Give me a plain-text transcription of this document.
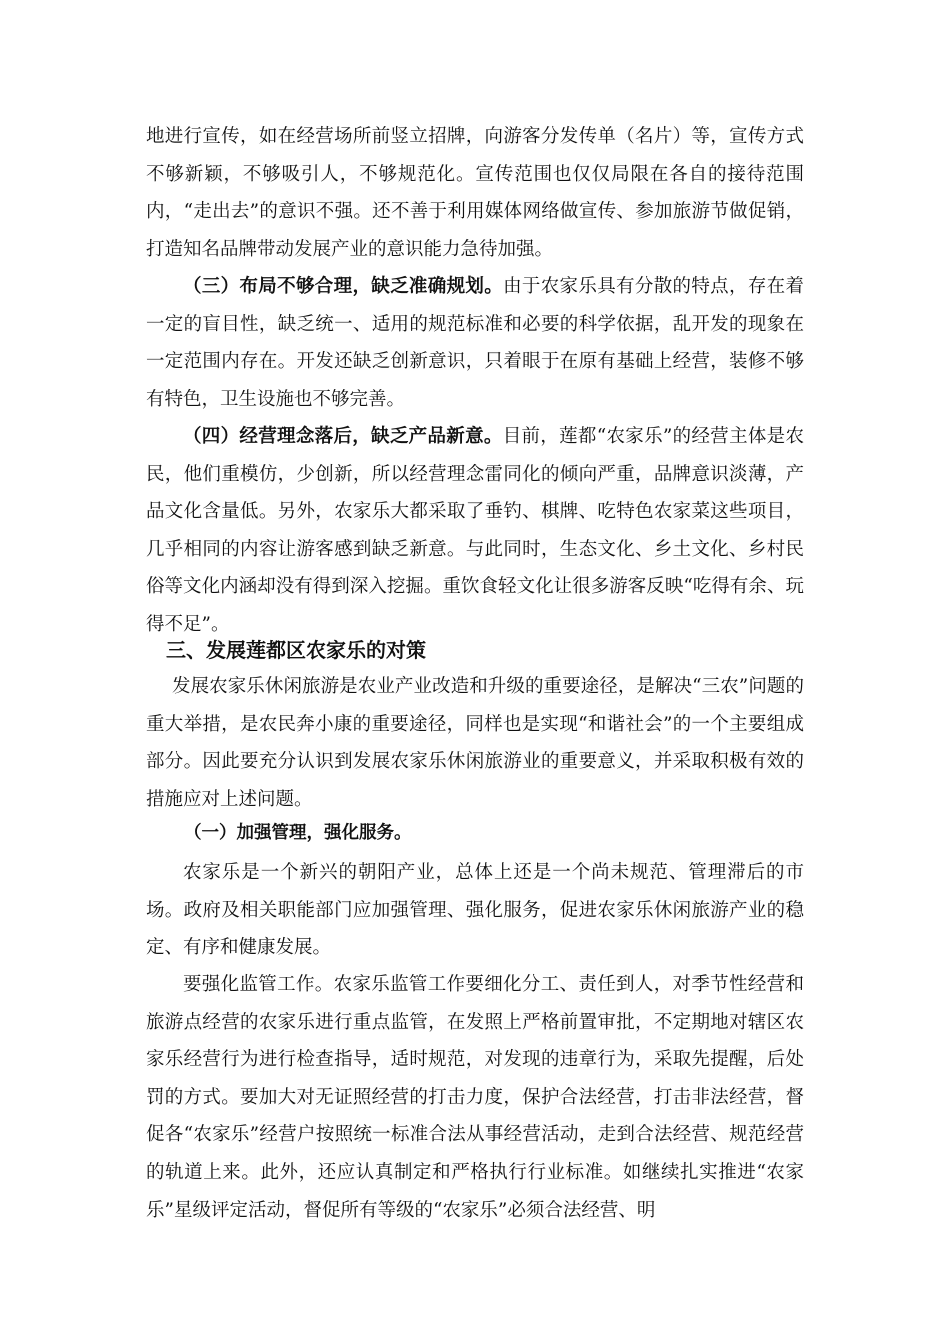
地进行宣传，如在经营场所前竖立招牌，向游客分发传单（名片）等，宣传方式不够新颖，不够吸引人，不够规范化。宣传范围也仅仅局限在各自的接待范围内，“走出去”的意识不强。还不善于利用媒体网络做宣传、参加旅游节做促销，打造知名品牌带动发展产业的意识能力急待加强。

（三）布局不够合理，缺乏准确规划。由于农家乐具有分散的特点，存在着一定的盲目性，缺乏统一、适用的规范标准和必要的科学依据，乱开发的现象在一定范围内存在。开发还缺乏创新意识，只着眼于在原有基础上经营，装修不够有特色，卫生设施也不够完善。

（四）经营理念落后，缺乏产品新意。目前，莲都“农家乐”的经营主体是农民，他们重模仿，少创新，所以经营理念雷同化的倾向严重，品牌意识淡薄，产品文化含量低。另外，农家乐大都采取了垂钓、棋牌、吃特色农家菜这些项目，几乎相同的内容让游客感到缺乏新意。与此同时，生态文化、乡土文化、乡村民俗等文化内涵却没有得到深入挖掘。重饮食轻文化让很多游客反映“吃得有余、玩得不足”。

三、发展莲都区农家乐的对策

发展农家乐休闲旅游是农业产业改造和升级的重要途径，是解决“三农”问题的重大举措，是农民奔小康的重要途径，同样也是实现“和谐社会”的一个主要组成部分。因此要充分认识到发展农家乐休闲旅游业的重要意义，并采取积极有效的措施应对上述问题。

（一）加强管理，强化服务。

农家乐是一个新兴的朝阳产业，总体上还是一个尚未规范、管理滞后的市场。政府及相关职能部门应加强管理、强化服务，促进农家乐休闲旅游产业的稳定、有序和健康发展。

要强化监管工作。农家乐监管工作要细化分工、责任到人，对季节性经营和旅游点经营的农家乐进行重点监管，在发照上严格前置审批，不定期地对辖区农家乐经营行为进行检查指导，适时规范，对发现的违章行为，采取先提醒，后处罚的方式。要加大对无证照经营的打击力度，保护合法经营，打击非法经营，督促各“农家乐”经营户按照统一标准合法从事经营活动，走到合法经营、规范经营的轨道上来。此外，还应认真制定和严格执行行业标准。如继续扎实推进“农家乐”星级评定活动，督促所有等级的“农家乐”必须合法经营、明
